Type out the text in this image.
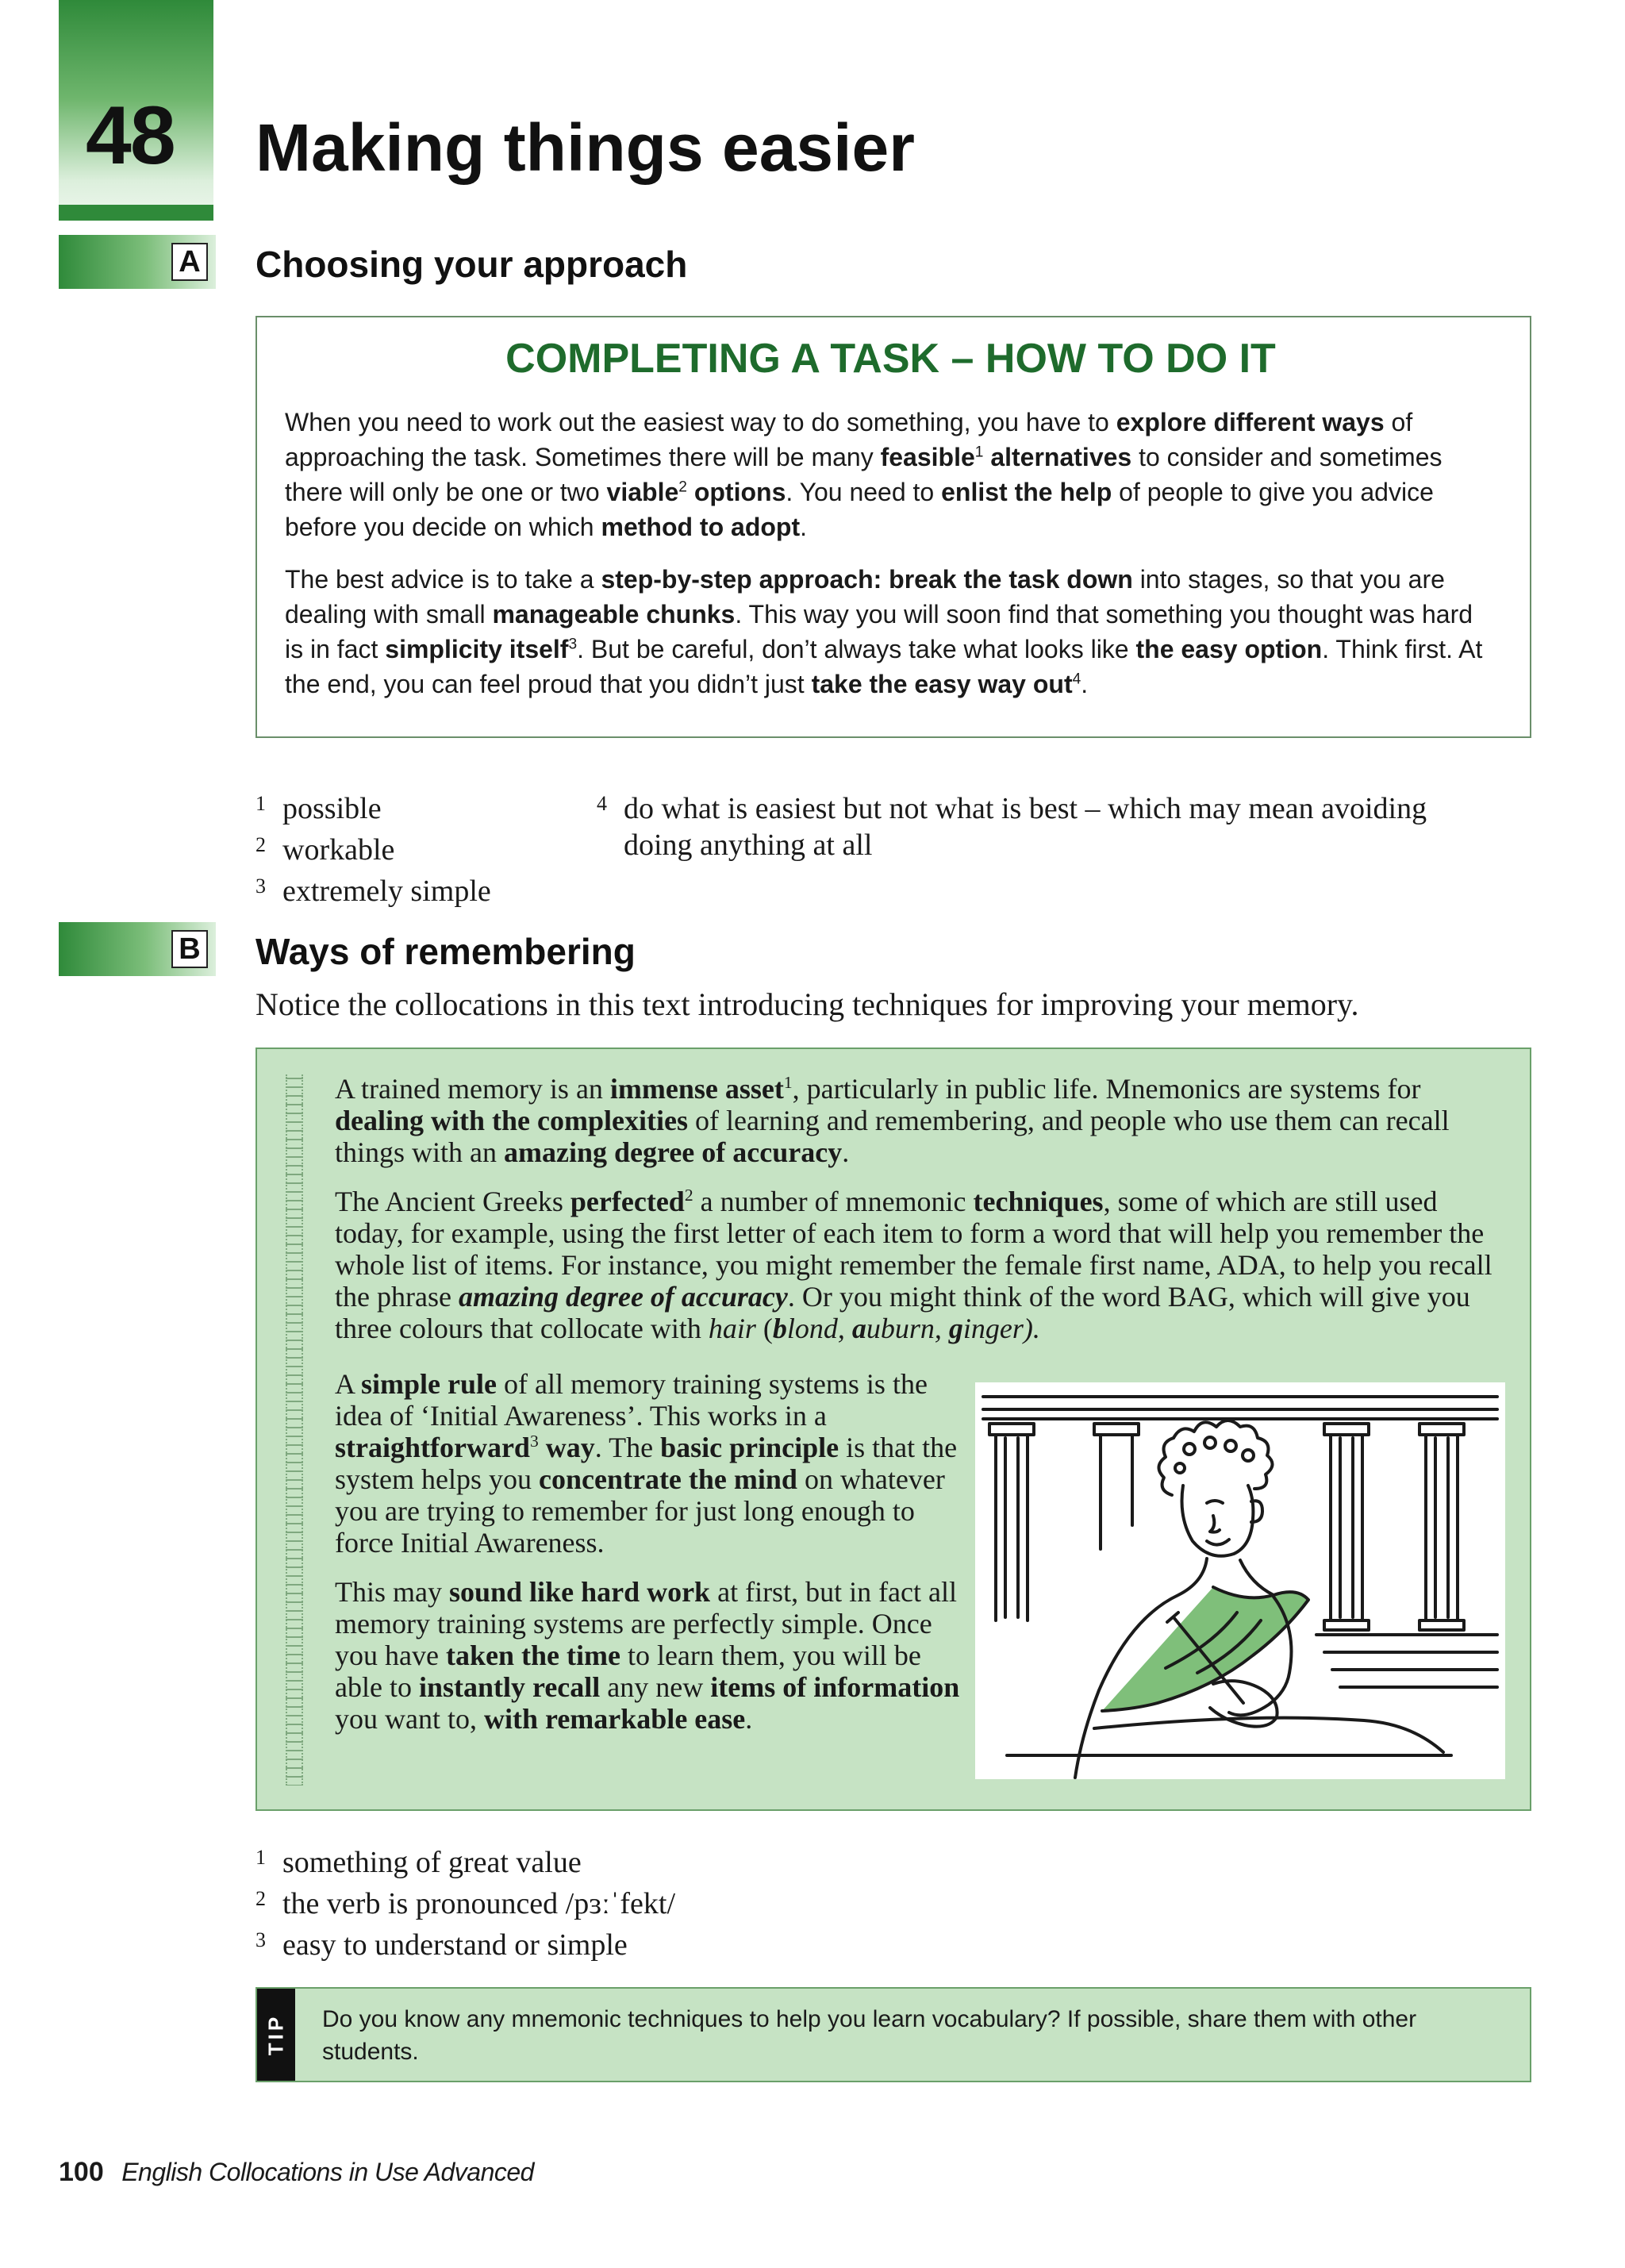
48 Making things easier
A Choosing your approach
COMPLETING A TASK – HOW TO DO IT

When you need to work out the easiest way to do something, you have to explore different ways of approaching the task. Sometimes there will be many feasible$^1$ alternatives to consider and sometimes there will only be one or two viable$^2$ options. You need to enlist the help of people to give you advice before you decide on which method to adopt.

The best advice is to take a step-by-step approach: break the task down into stages, so that you are dealing with small manageable chunks. This way you will soon find that something you thought was hard is in fact simplicity itself$^3$. But be careful, don’t always take what looks like the easy option. Think first. At the end, you can feel proud that you didn’t just take the easy way out$^4$.

1 possible
2 workable
3 extremely simple
4 do what is easiest but not what is best – which may mean avoiding
doing anything at all
B Ways of remembering

Notice the collocations in this text introducing techniques for improving your memory.

A trained memory is an immense asset$^1$, particularly in public life. Mnemonics are systems for dealing with the complexities of learning and remembering, and people who use them can recall things with an amazing degree of accuracy.

The Ancient Greeks perfected$^2$ a number of mnemonic techniques, some of which are still used today, for example, using the first letter of each item to form a word that will help you remember the whole list of items. For instance, you might remember the female first name, ADA, to help you recall the phrase amazing degree of accuracy. Or you might think of the word BAG, which will give you three colours that collocate with hair (blond, auburn, ginger).

A simple rule of all memory training systems is the idea of ‘Initial Awareness’. This works in a straightforward$^3$ way. The basic principle is that the system helps you concentrate the mind on whatever you are trying to remember for just long enough to force Initial Awareness.

This may sound like hard work at first, but in fact all memory training systems are perfectly simple. Once you have taken the time to learn them, you will be able to instantly recall any new items of information you want to, with remarkable ease.

1 something of great value
2 the verb is pronounced /pɜːˈfekt/
3 easy to understand or simple
TIP Do you know any mnemonic techniques to help you learn vocabulary? If possible, share them with other students.

100 English Collocations in Use Advanced
